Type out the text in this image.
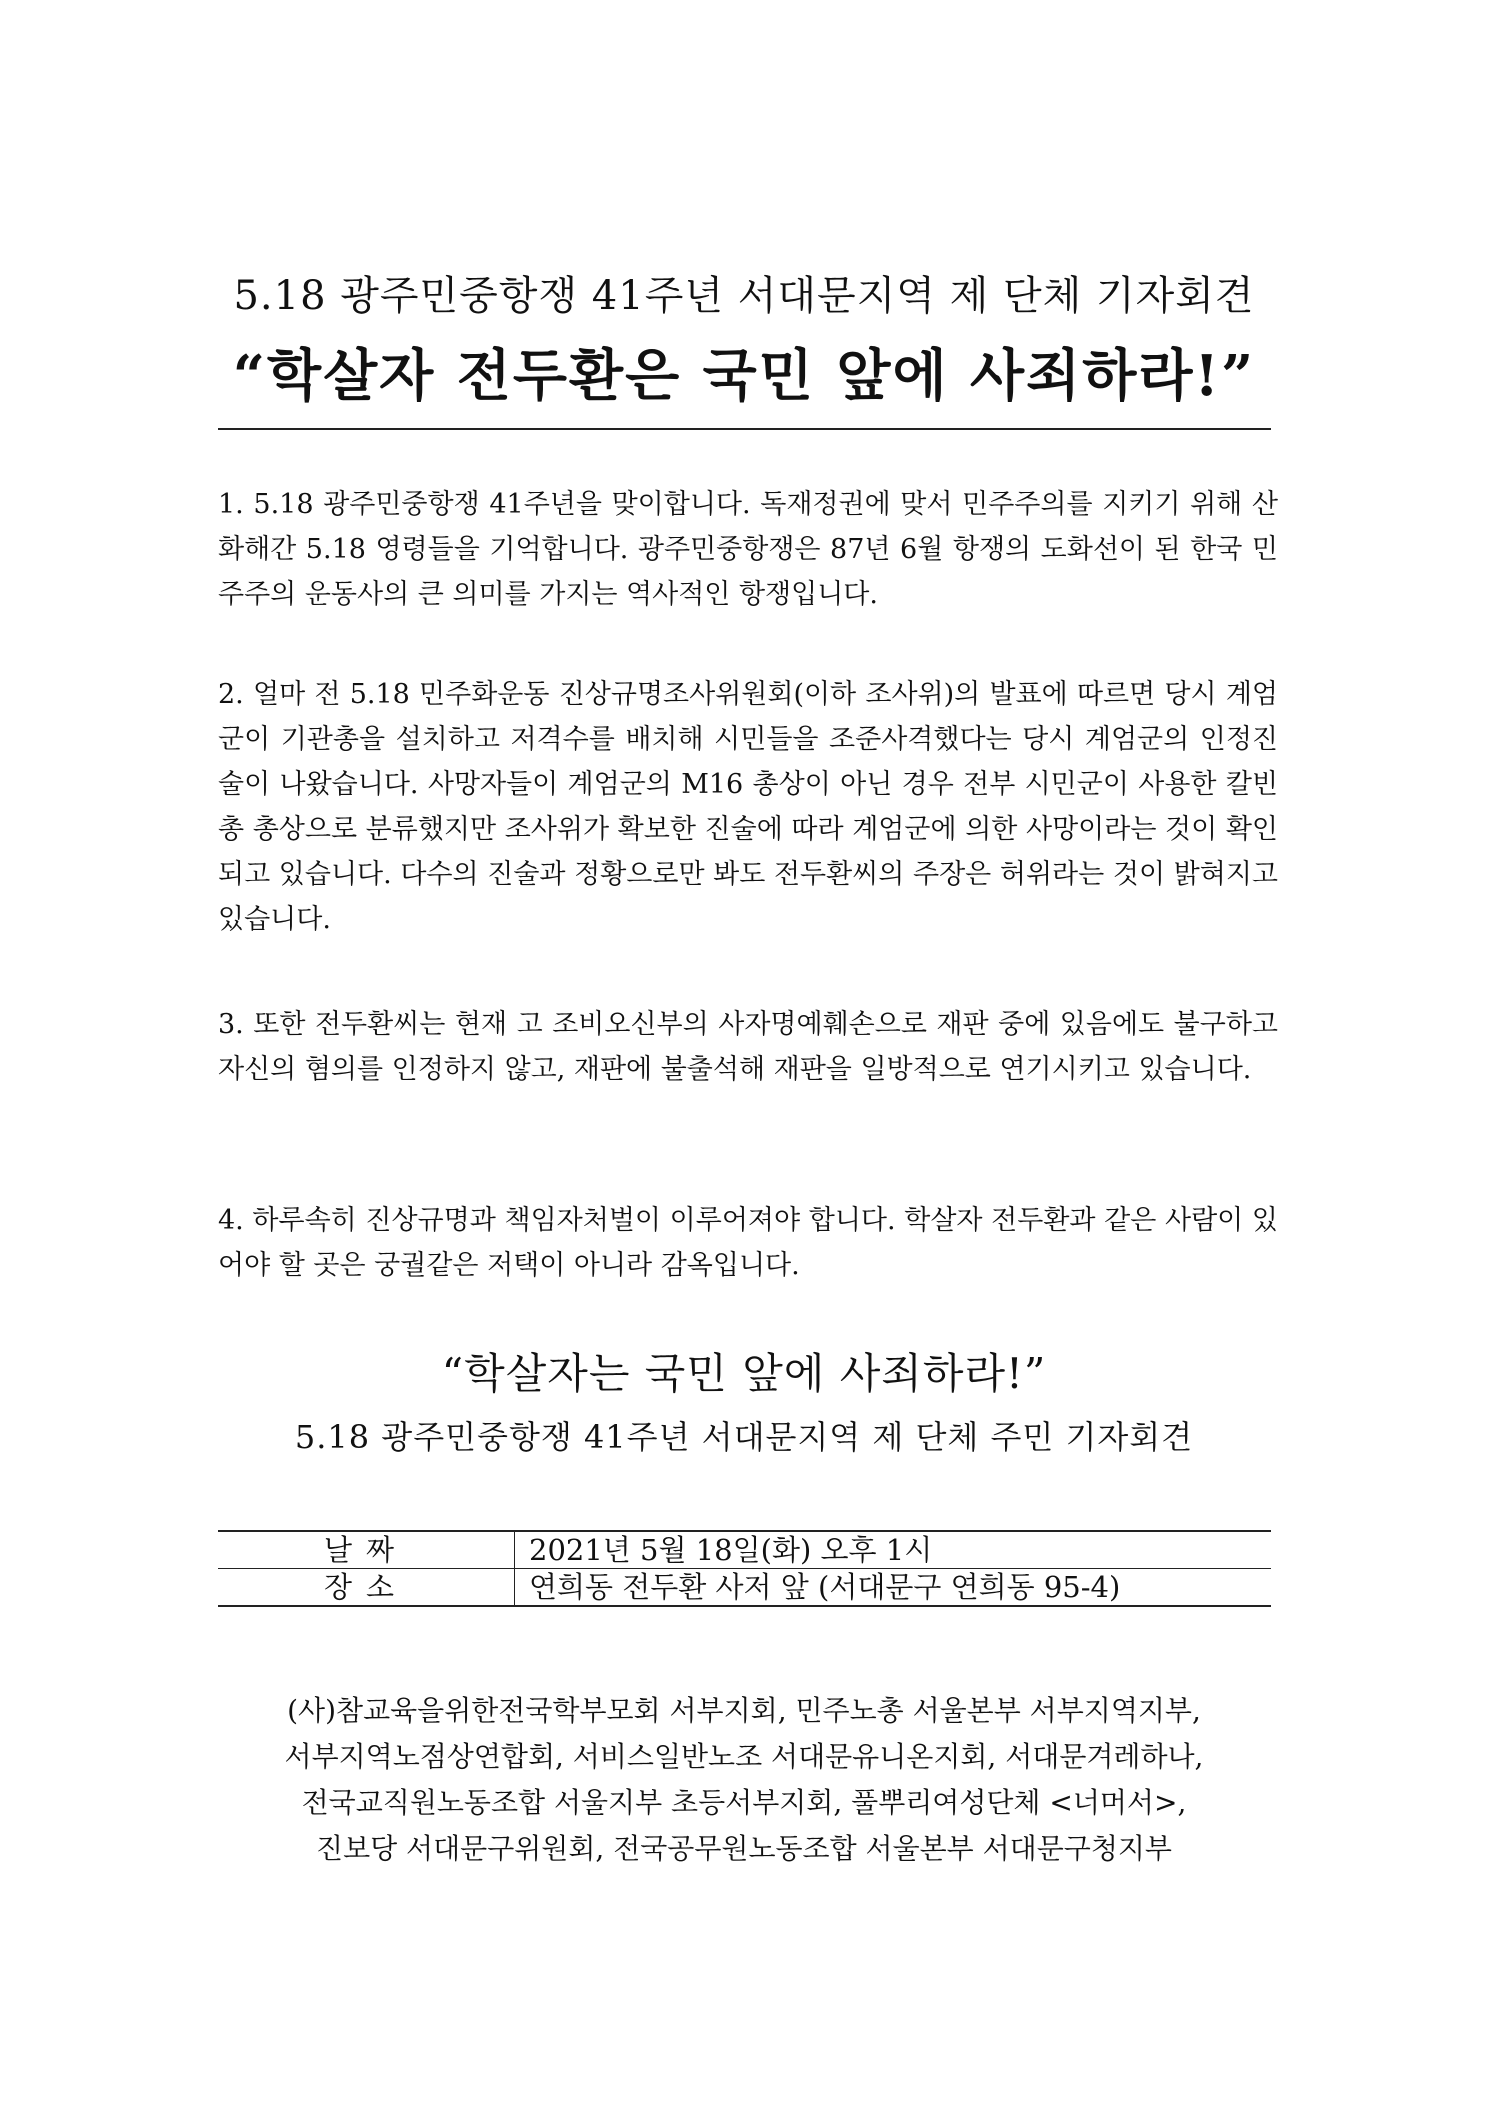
5.18 광주민중항쟁 41주년 서대문지역 제 단체 기자회견
“학살자 전두환은 국민 앞에 사죄하라!”
1. 5.18 광주민중항쟁 41주년을 맞이합니다. 독재정권에 맞서 민주주의를 지키기 위해 산화해간 5.18 영령들을 기억합니다. 광주민중항쟁은 87년 6월 항쟁의 도화선이 된 한국 민주주의 운동사의 큰 의미를 가지는 역사적인 항쟁입니다.
2. 얼마 전 5.18 민주화운동 진상규명조사위원회(이하 조사위)의 발표에 따르면 당시 계엄군이 기관총을 설치하고 저격수를 배치해 시민들을 조준사격했다는 당시 계엄군의 인정진술이 나왔습니다. 사망자들이 계엄군의 M16 총상이 아닌 경우 전부 시민군이 사용한 칼빈총 총상으로 분류했지만 조사위가 확보한 진술에 따라 계엄군에 의한 사망이라는 것이 확인되고 있습니다. 다수의 진술과 정황으로만 봐도 전두환씨의 주장은 허위라는 것이 밝혀지고 있습니다.
3. 또한 전두환씨는 현재 고 조비오신부의 사자명예훼손으로 재판 중에 있음에도 불구하고 자신의 혐의를 인정하지 않고, 재판에 불출석해 재판을 일방적으로 연기시키고 있습니다.
4. 하루속히 진상규명과 책임자처벌이 이루어져야 합니다. 학살자 전두환과 같은 사람이 있어야 할 곳은 궁궐같은 저택이 아니라 감옥입니다.
“학살자는 국민 앞에 사죄하라!”
5.18 광주민중항쟁 41주년 서대문지역 제 단체 주민 기자회견
날짜	2021년 5월 18일(화) 오후 1시
장소	연희동 전두환 사저 앞 (서대문구 연희동 95-4)
(사)참교육을위한전국학부모회 서부지회, 민주노총 서울본부 서부지역지부,
서부지역노점상연합회, 서비스일반노조 서대문유니온지회, 서대문겨레하나,
전국교직원노동조합 서울지부 초등서부지회, 풀뿌리여성단체 <너머서>,
진보당 서대문구위원회, 전국공무원노동조합 서울본부 서대문구청지부
